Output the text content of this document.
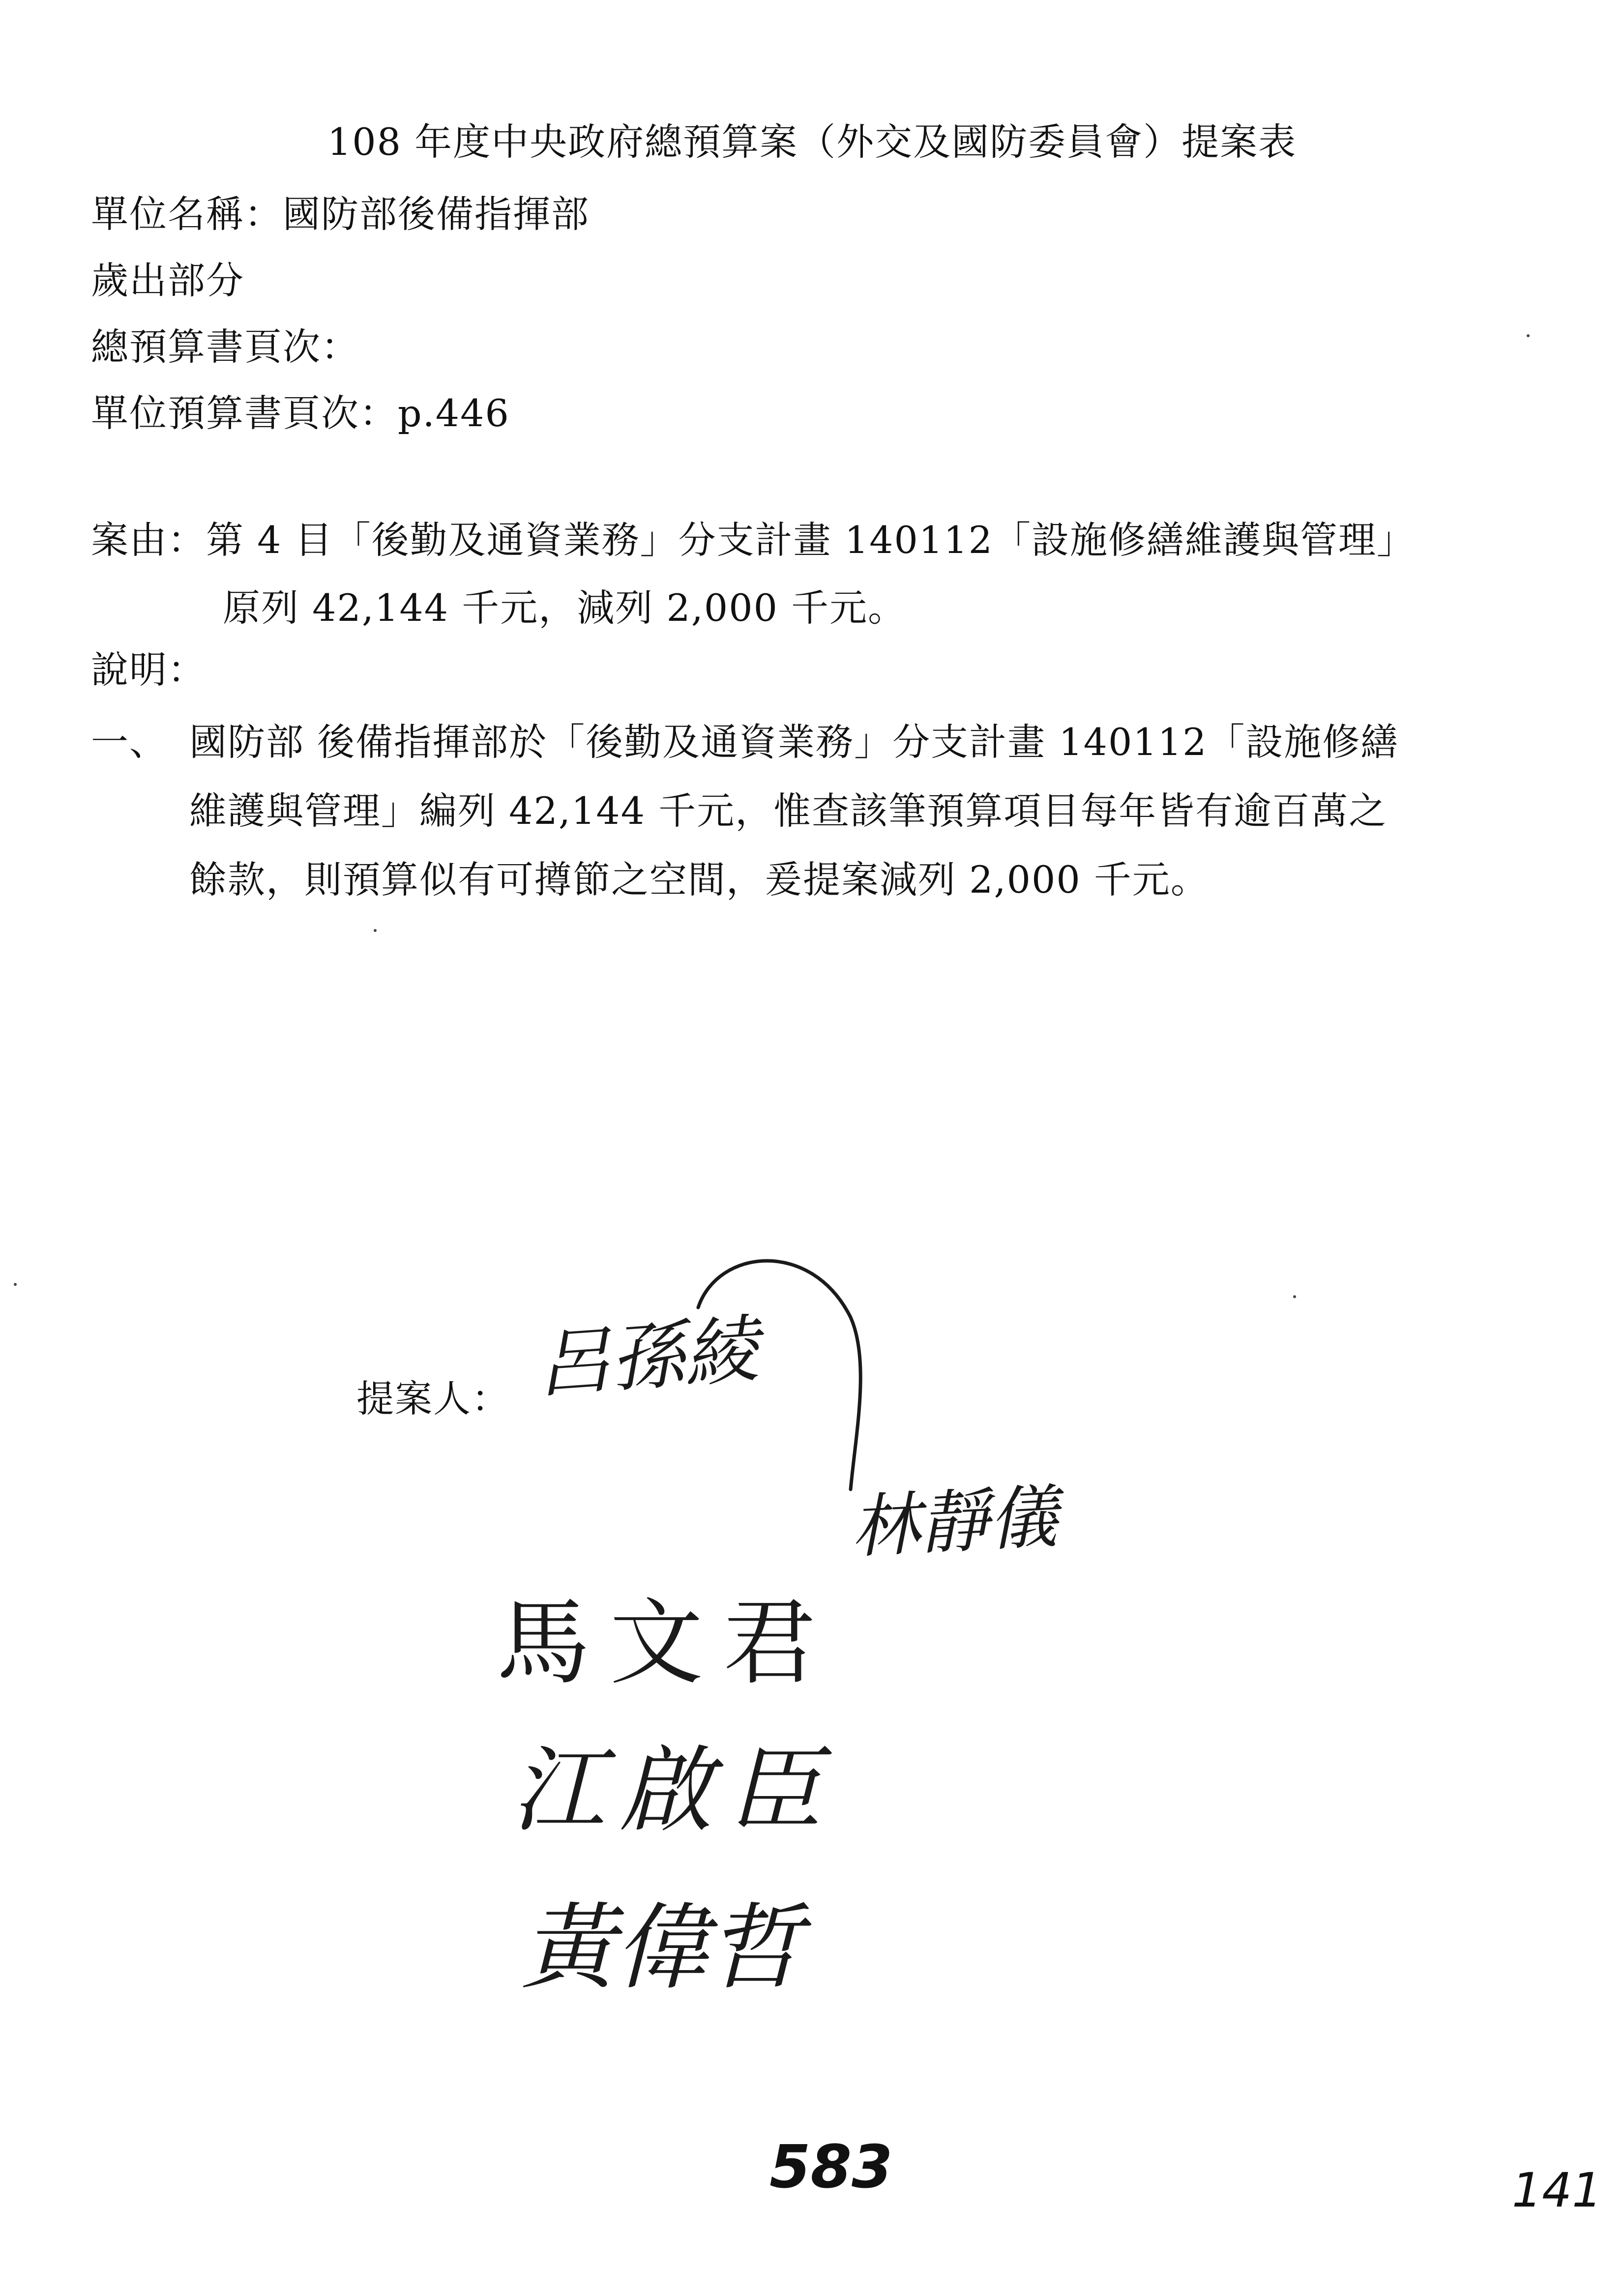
108 年度中央政府總預算案（外交及國防委員會）提案表
單位名稱：國防部後備指揮部
歲出部分
總預算書頁次：
單位預算書頁次：p.446
案由：第 4 目「後勤及通資業務」分支計畫 140112「設施修繕維護與管理」
原列 42,144 千元，減列 2,000 千元。
說明：
一、 國防部 後備指揮部於「後勤及通資業務」分支計畫 140112「設施修繕
維護與管理」編列 42,144 千元，惟查該筆預算項目每年皆有逾百萬之
餘款，則預算似有可撙節之空間，爰提案減列 2,000 千元。
提案人： 呂孫綾
林靜儀
馬文君
江啟臣
黃偉哲
583	141
